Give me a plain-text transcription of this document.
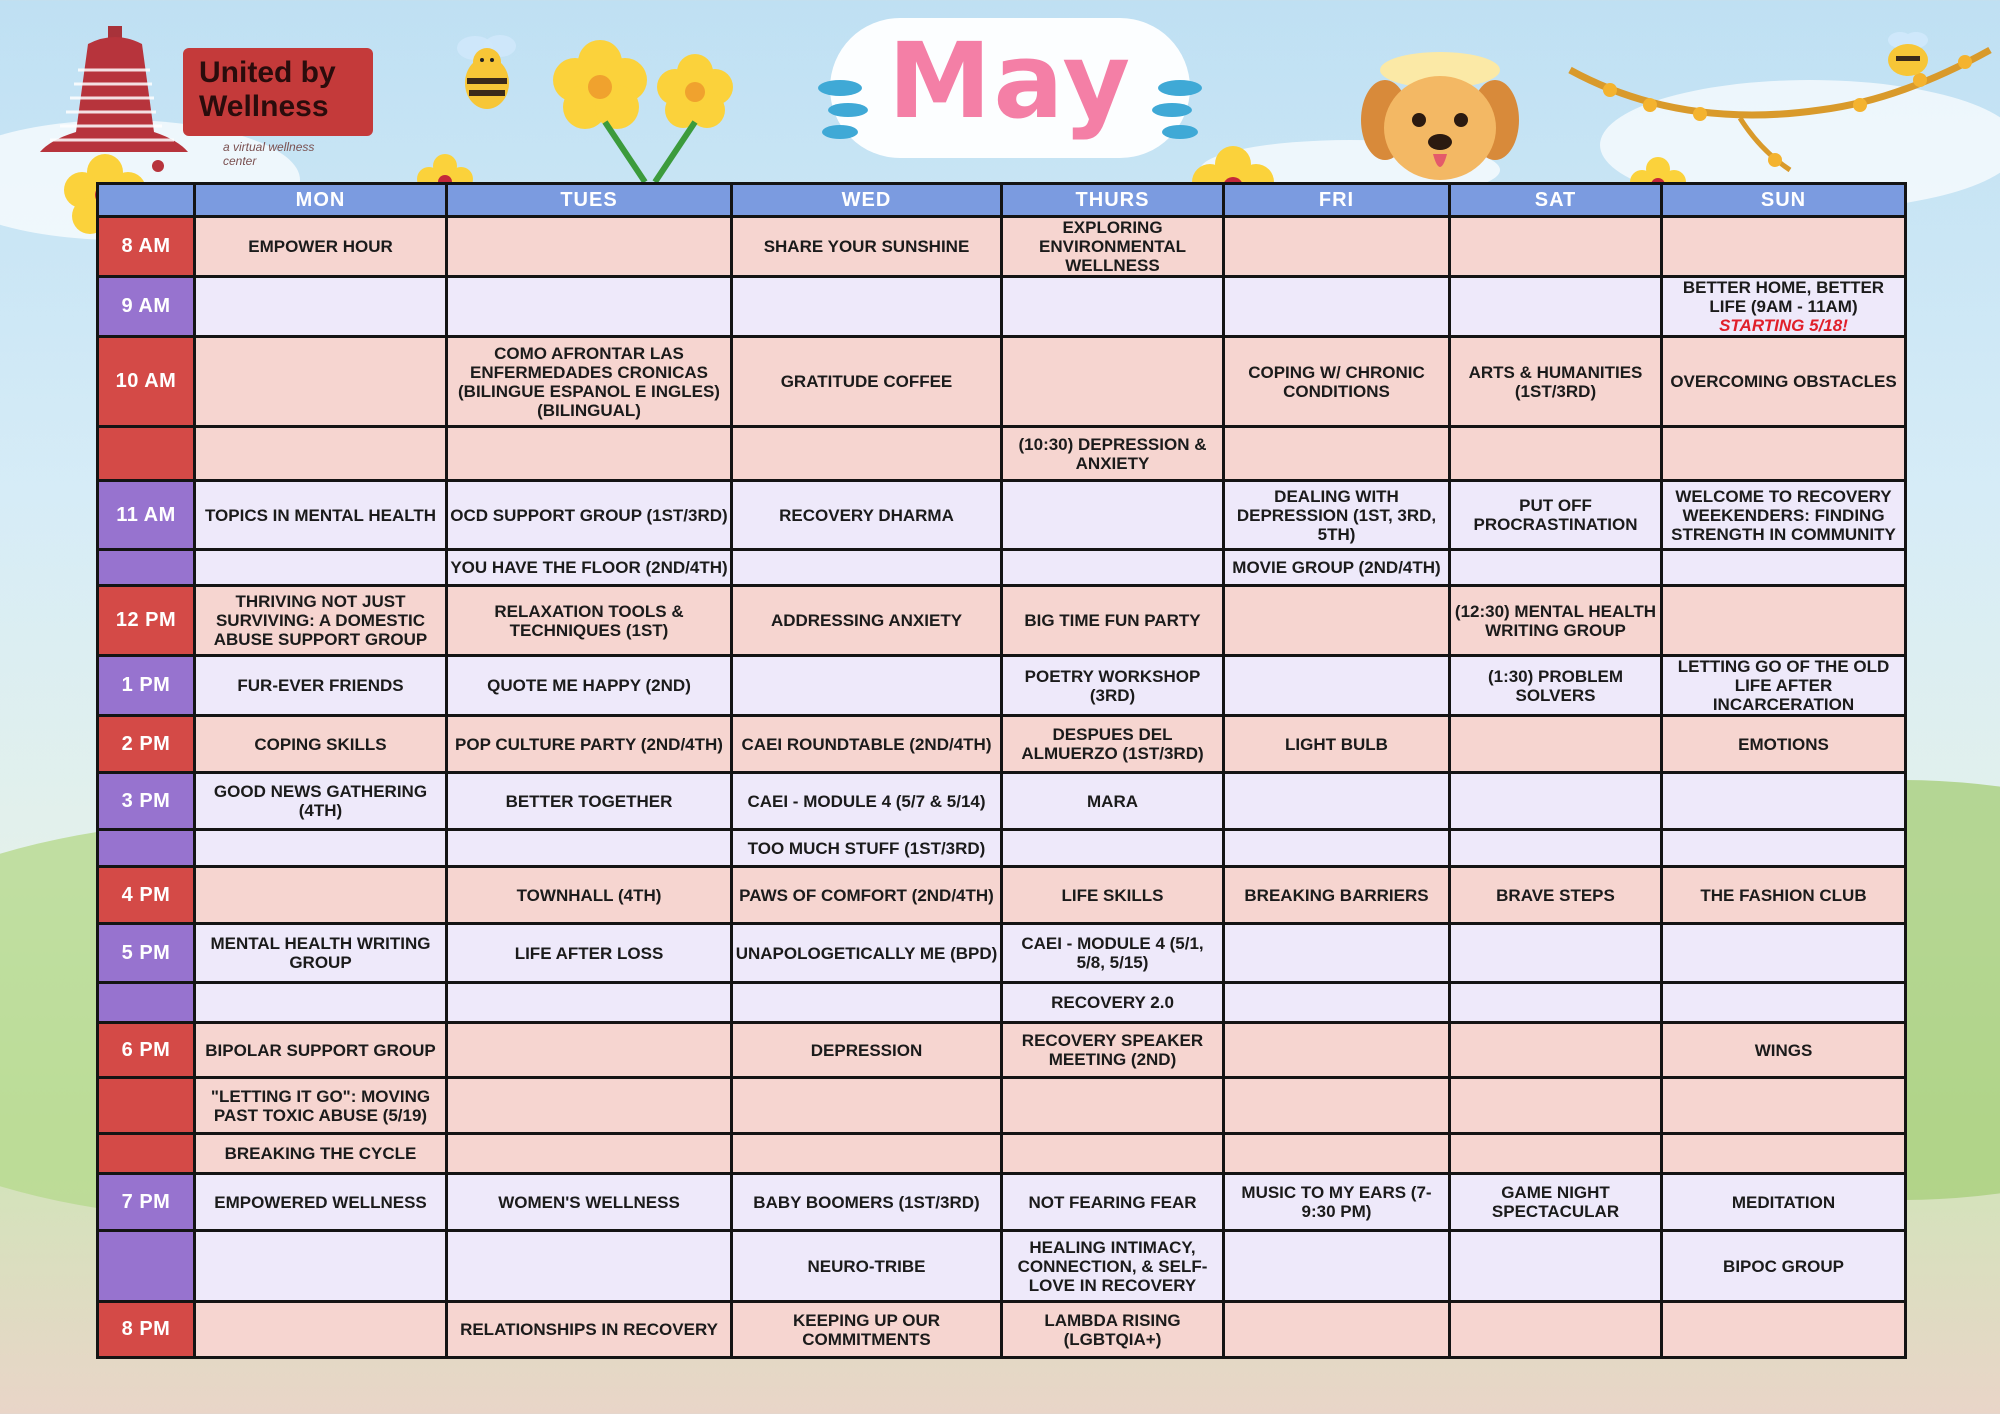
United by
Wellness
a virtual wellness center
May
	MON	TUES	WED	THURS	FRI	SAT	SUN
8 AM	EMPOWER HOUR		SHARE YOUR SUNSHINE	EXPLORING ENVIRONMENTAL WELLNESS			
9 AM							BETTER HOME, BETTER LIFE (9AM - 11AM) STARTING 5/18!
10 AM		COMO AFRONTAR LAS ENFERMEDADES CRONICAS (BILINGUE ESPANOL E INGLES) (BILINGUAL)	GRATITUDE COFFEE		COPING W/ CHRONIC CONDITIONS	ARTS & HUMANITIES (1ST/3RD)	OVERCOMING OBSTACLES
				(10:30) DEPRESSION & ANXIETY			
11 AM	TOPICS IN MENTAL HEALTH	OCD SUPPORT GROUP (1ST/3RD)	RECOVERY DHARMA		DEALING WITH DEPRESSION (1ST, 3RD, 5TH)	PUT OFF PROCRASTINATION	WELCOME TO RECOVERY WEEKENDERS: FINDING STRENGTH IN COMMUNITY
		YOU HAVE THE FLOOR (2ND/4TH)			MOVIE GROUP (2ND/4TH)		
12 PM	THRIVING NOT JUST SURVIVING: A DOMESTIC ABUSE SUPPORT GROUP	RELAXATION TOOLS & TECHNIQUES (1ST)	ADDRESSING ANXIETY	BIG TIME FUN PARTY		(12:30) MENTAL HEALTH WRITING GROUP	
1 PM	FUR-EVER FRIENDS	QUOTE ME HAPPY (2ND)		POETRY WORKSHOP (3RD)		(1:30) PROBLEM SOLVERS	LETTING GO OF THE OLD LIFE AFTER INCARCERATION
2 PM	COPING SKILLS	POP CULTURE PARTY (2ND/4TH)	CAEI ROUNDTABLE (2ND/4TH)	DESPUES DEL ALMUERZO (1ST/3RD)	LIGHT BULB		EMOTIONS
3 PM	GOOD NEWS GATHERING (4TH)	BETTER TOGETHER	CAEI - MODULE 4 (5/7 & 5/14)	MARA			
			TOO MUCH STUFF (1ST/3RD)				
4 PM		TOWNHALL (4TH)	PAWS OF COMFORT (2ND/4TH)	LIFE SKILLS	BREAKING BARRIERS	BRAVE STEPS	THE FASHION CLUB
5 PM	MENTAL HEALTH WRITING GROUP	LIFE AFTER LOSS	UNAPOLOGETICALLY ME (BPD)	CAEI - MODULE 4 (5/1, 5/8, 5/15)			
				RECOVERY 2.0			
6 PM	BIPOLAR SUPPORT GROUP		DEPRESSION	RECOVERY SPEAKER MEETING (2ND)			WINGS
	"LETTING IT GO": MOVING PAST TOXIC ABUSE (5/19)						
	BREAKING THE CYCLE						
7 PM	EMPOWERED WELLNESS	WOMEN'S WELLNESS	BABY BOOMERS (1ST/3RD)	NOT FEARING FEAR	MUSIC TO MY EARS (7-9:30 PM)	GAME NIGHT SPECTACULAR	MEDITATION
			NEURO-TRIBE	HEALING INTIMACY, CONNECTION, & SELF-LOVE IN RECOVERY			BIPOC GROUP
8 PM		RELATIONSHIPS IN RECOVERY	KEEPING UP OUR COMMITMENTS	LAMBDA RISING (LGBTQIA+)			
